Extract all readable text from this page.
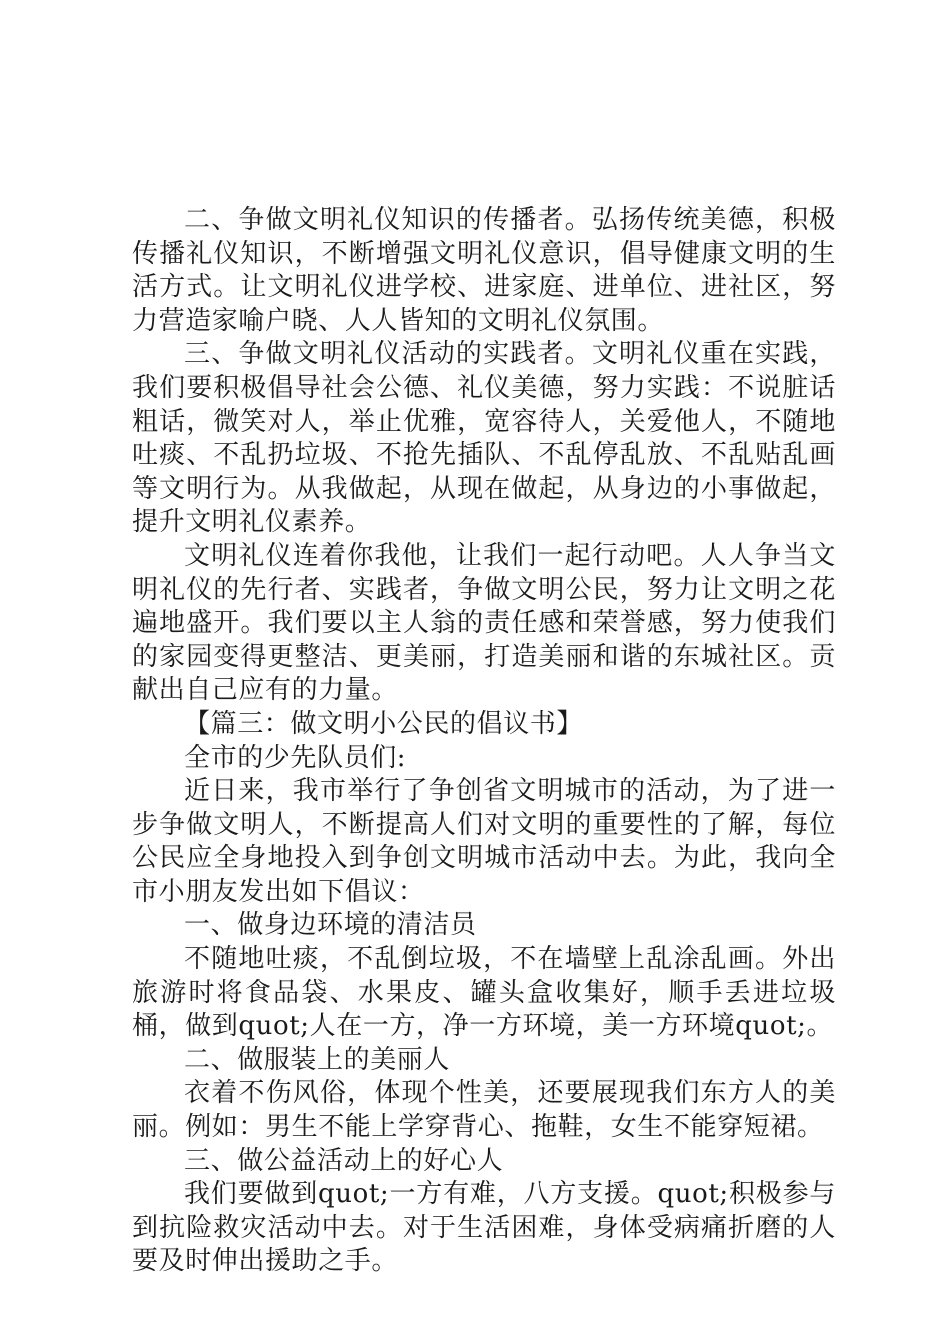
二、争做文明礼仪知识的传播者。弘扬传统美德，积极传播礼仪知识，不断增强文明礼仪意识，倡导健康文明的生活方式。让文明礼仪进学校、进家庭、进单位、进社区，努力营造家喻户晓、人人皆知的文明礼仪氛围。

三、争做文明礼仪活动的实践者。文明礼仪重在实践，我们要积极倡导社会公德、礼仪美德，努力实践：不说脏话粗话，微笑对人，举止优雅，宽容待人，关爱他人，不随地吐痰、不乱扔垃圾、不抢先插队、不乱停乱放、不乱贴乱画等文明行为。从我做起，从现在做起，从身边的小事做起，提升文明礼仪素养。

文明礼仪连着你我他，让我们一起行动吧。人人争当文明礼仪的先行者、实践者，争做文明公民，努力让文明之花遍地盛开。我们要以主人翁的责任感和荣誉感，努力使我们的家园变得更整洁、更美丽，打造美丽和谐的东城社区。贡献出自己应有的力量。

【篇三：做文明小公民的倡议书】

全市的少先队员们:

近日来，我市举行了争创省文明城市的活动，为了进一步争做文明人，不断提高人们对文明的重要性的了解，每位公民应全身地投入到争创文明城市活动中去。为此，我向全市小朋友发出如下倡议：

一、做身边环境的清洁员

不随地吐痰，不乱倒垃圾，不在墙壁上乱涂乱画。外出旅游时将食品袋、水果皮、罐头盒收集好，顺手丢进垃圾桶，做到quot;人在一方，净一方环境，美一方环境quot;。

二、做服装上的美丽人

衣着不伤风俗，体现个性美，还要展现我们东方人的美丽。例如：男生不能上学穿背心、拖鞋，女生不能穿短裙。

三、做公益活动上的好心人

我们要做到quot;一方有难，八方支援。quot;积极参与到抗险救灾活动中去。对于生活困难，身体受病痛折磨的人要及时伸出援助之手。
